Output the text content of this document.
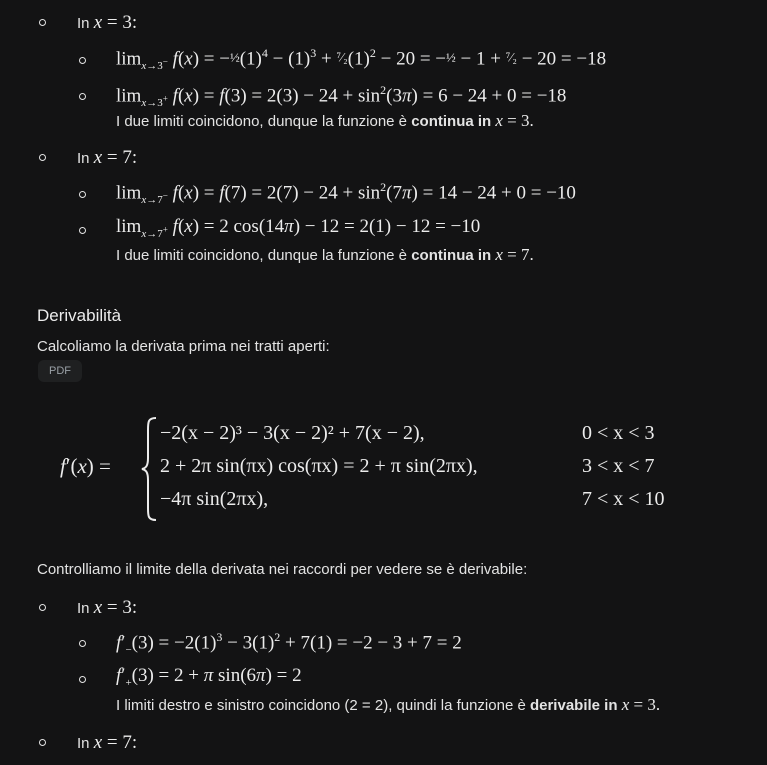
In x = 3:
$\lim_{x\to 3^-} f(x)$ = $-\frac{1}{2}(1)^4 - (1)^3$ + $^7⁄_2(1)^2 - 20$ = −½ − 1 + ⁷⁄₂ − 20 = −18
$\lim_{x\to 3^+} f(x) = f(3) = 2(3) - 24 + \sin^2(3\pi) = 6 - 24 + 0 = -18$
I due limiti coincidono, dunque la funzione è continua in x = 3.
In x = 7:
$\lim_{x\to 7^-} f(x) = f(7) = 2(7) - 24 + \sin^2(7\pi) = 14 - 24 + 0 = -10$
$\lim_{x\to 7^+} f(x) = 2$ cos(14π) − 12 = 2(1) − 12 = −10
I due limiti coincidono, dunque la funzione è continua in x = 7.
Derivabilità
Calcoliamo la derivata prima nei tratti aperti:
PDF
f′(x) =
−2(x − 2)³ − 3(x − 2)² + 7(x − 2),	0 < x < 3
2 + 2π sin(πx) cos(πx) = 2 + π sin(2πx),	3 < x < 7
−4π sin(2πx),	7 < x < 10
Controlliamo il limite della derivata nei raccordi per vedere se è derivabile:
In x = 3:
$f'_-(3) = -2(1)^3 - 3(1)^2 + 7(1) = -2 - 3 + 7 = 2$
$f'_+(3) = 2 + \pi$ sin(6π) = 2
I limiti destro e sinistro coincidono (2 = 2), quindi la funzione è derivabile in x = 3.
In x = 7:
